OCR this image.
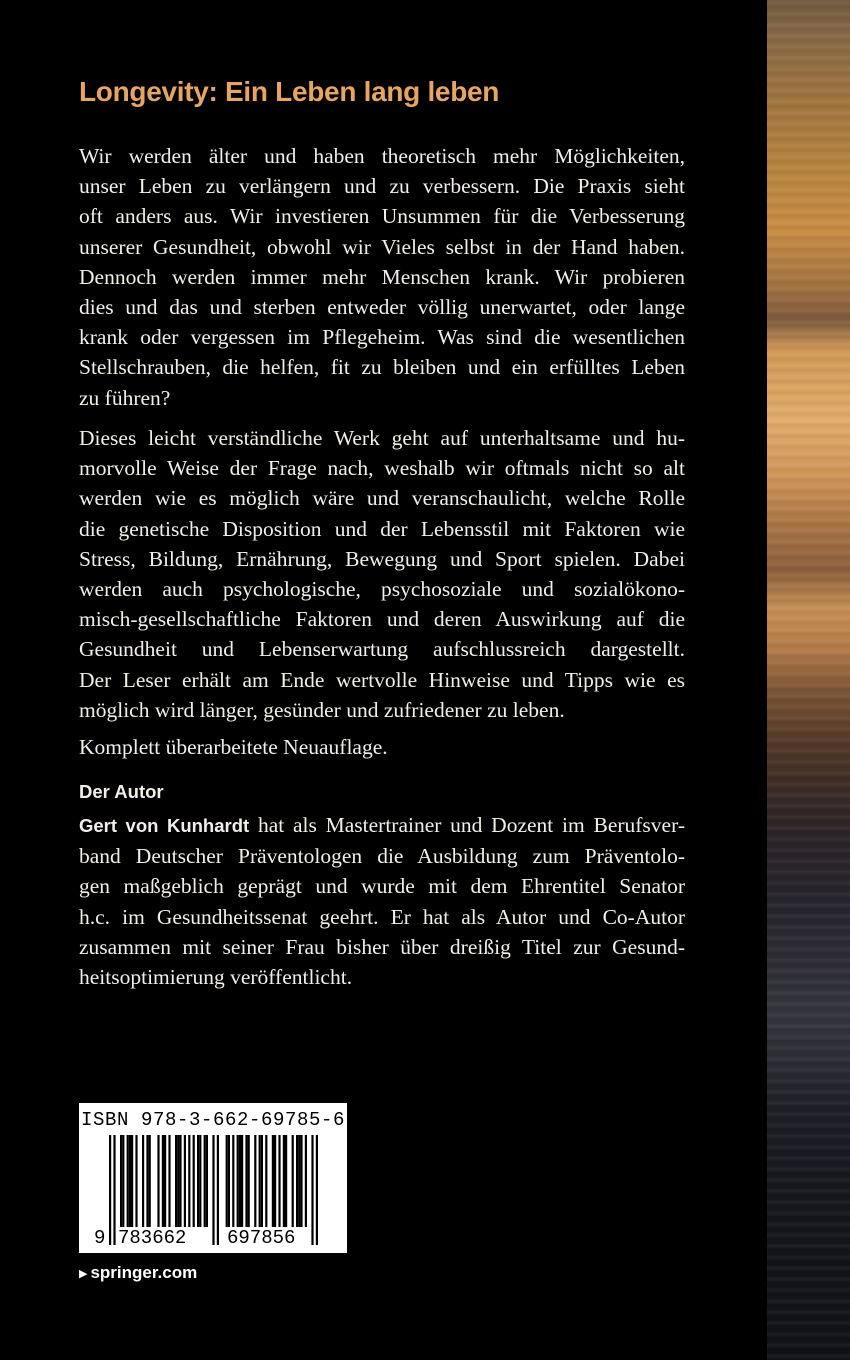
Longevity: Ein Leben lang leben
Wir werden älter und haben theoretisch mehr Möglichkeiten,
unser Leben zu verlängern und zu verbessern. Die Praxis sieht
oft anders aus. Wir investieren Unsummen für die Verbesserung
unserer Gesundheit, obwohl wir Vieles selbst in der Hand haben.
Dennoch werden immer mehr Menschen krank. Wir probieren
dies und das und sterben entweder völlig unerwartet, oder lange
krank oder vergessen im Pflegeheim. Was sind die wesentlichen
Stellschrauben, die helfen, fit zu bleiben und ein erfülltes Leben
zu führen?
Dieses leicht verständliche Werk geht auf unterhaltsame und hu-
morvolle Weise der Frage nach, weshalb wir oftmals nicht so alt
werden wie es möglich wäre und veranschaulicht, welche Rolle
die genetische Disposition und der Lebensstil mit Faktoren wie
Stress, Bildung, Ernährung, Bewegung und Sport spielen. Dabei
werden auch psychologische, psychosoziale und sozialökono-
misch-gesellschaftliche Faktoren und deren Auswirkung auf die
Gesundheit und Lebenserwartung aufschlussreich dargestellt.
Der Leser erhält am Ende wertvolle Hinweise und Tipps wie es
möglich wird länger, gesünder und zufriedener zu leben.
Komplett überarbeitete Neuauflage.
Der Autor
Gert von Kunhardt hat als Mastertrainer und Dozent im Berufsver-
band Deutscher Präventologen die Ausbildung zum Präventolo-
gen maßgeblich geprägt und wurde mit dem Ehrentitel Senator
h.c. im Gesundheitssenat geehrt. Er hat als Autor und Co-Autor
zusammen mit seiner Frau bisher über dreißig Titel zur Gesund-
heitsoptimierung veröffentlicht.
ISBN 978-3-662-69785-6
9 783662 697856
▶ springer.com
